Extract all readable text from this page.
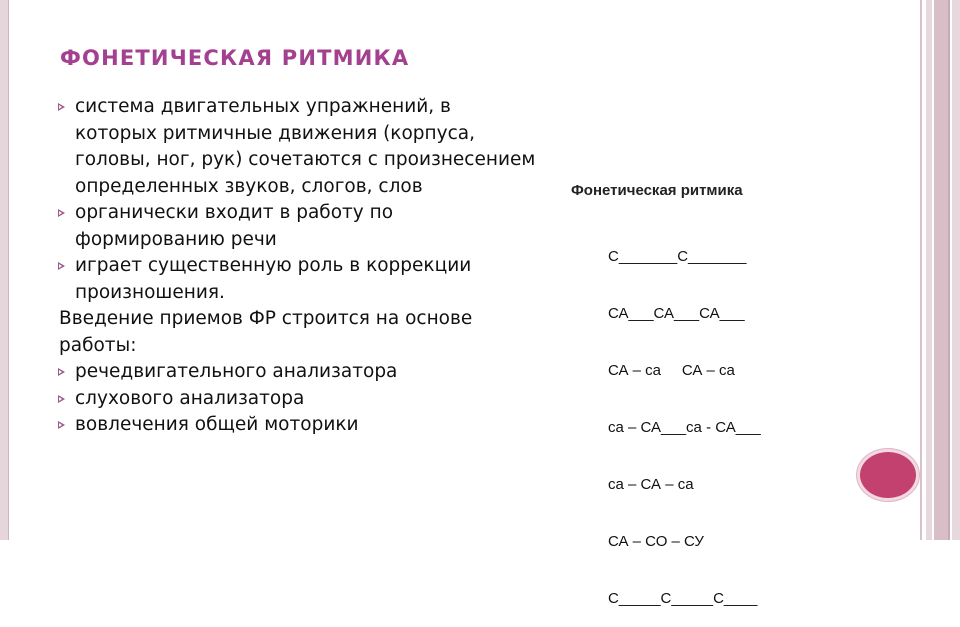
ФОНЕТИЧЕСКАЯ РИТМИКА
система двигательных упражнений, в которых ритмичные движения (корпуса, головы, ног, рук) сочетаются с произнесением определенных звуков, слогов, слов
органически входит в работу по формированию речи
играет существенную роль в коррекции произношения.
Введение приемов ФР строится на основе работы:
речедвигательного анализатора
слухового анализатора
вовлечения общей моторики
Фонетическая ритмика

С_______С_______

СА___СА___СА___

СА – са     СА – са

са – СА___са - СА___

са – СА – са

СА – СО – СУ

С_____С_____С____
